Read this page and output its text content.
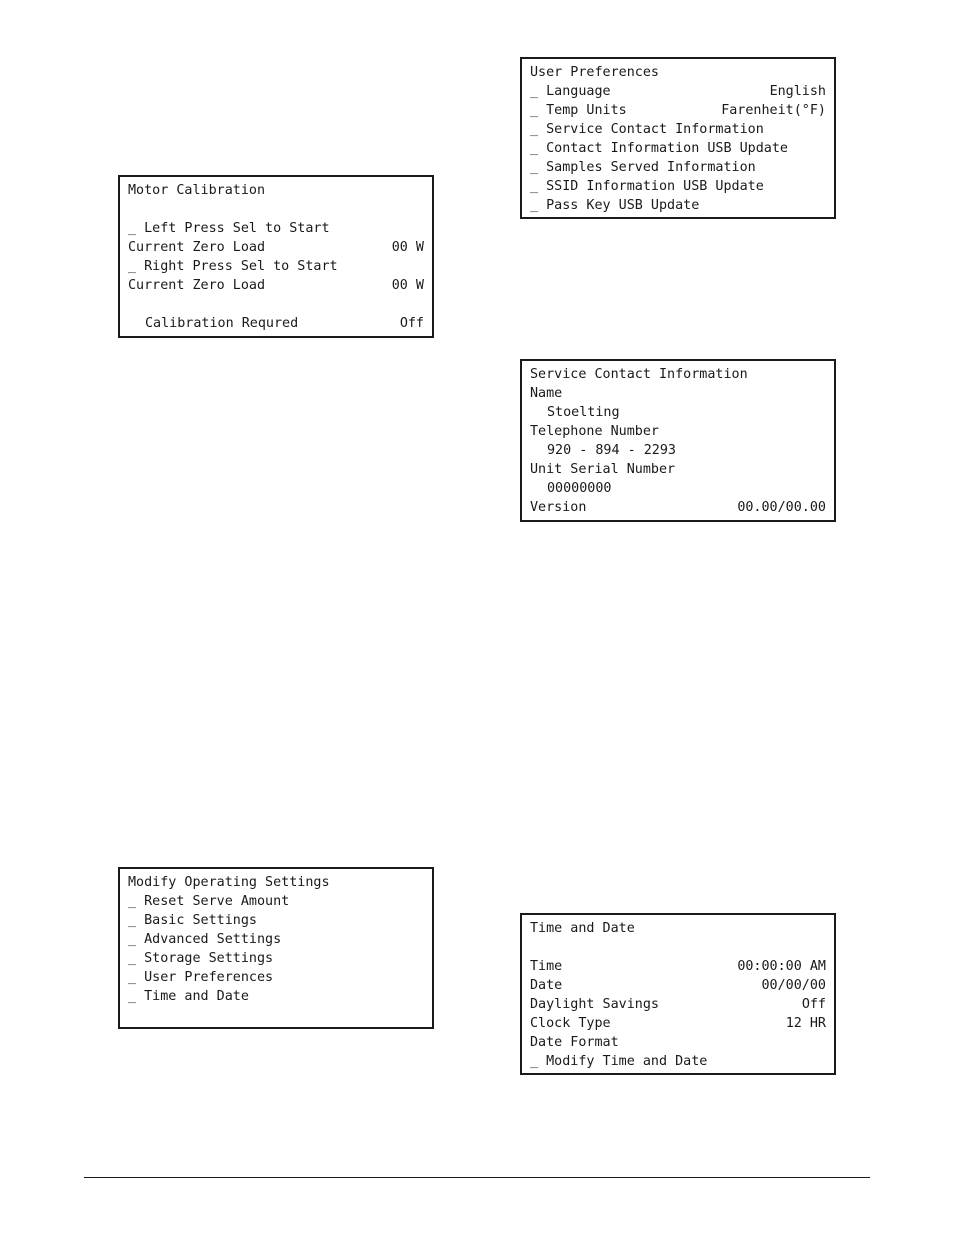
Motor Calibration
_ Left Press Sel to Start
Current Zero Load	00 W
_ Right Press Sel to Start
Current Zero Load	00 W
Calibration Requred	Off
User Preferences
_ Language	English
_ Temp Units	Farenheit(°F)
_ Service Contact Information
_ Contact Information USB Update
_ Samples Served Information
_ SSID Information USB Update
_ Pass Key USB Update
Service Contact Information
Name
Stoelting
Telephone Number
920 - 894 - 2293
Unit Serial Number
00000000
Version	00.00/00.00
Modify Operating Settings
_ Reset Serve Amount
_ Basic Settings
_ Advanced Settings
_ Storage Settings
_ User Preferences
_ Time and Date
Time and Date
Time	00:00:00 AM
Date	00/00/00
Daylight Savings	Off
Clock Type	12 HR
Date Format
_ Modify Time and Date
